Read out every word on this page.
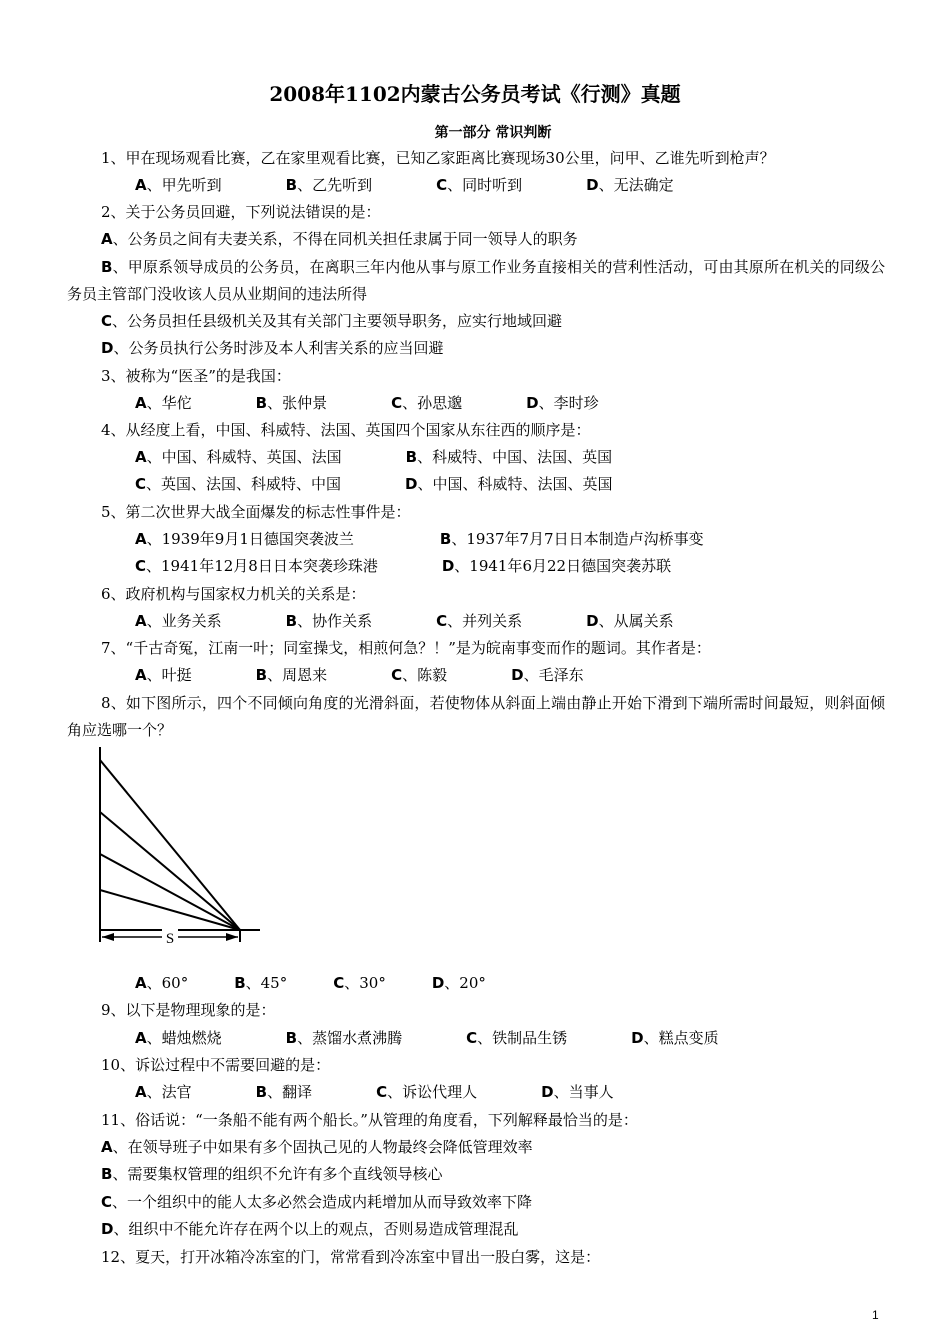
2008年1102内蒙古公务员考试《行测》真题
第一部分 常识判断
1、甲在现场观看比赛，乙在家里观看比赛，已知乙家距离比赛现场30公里，问甲、乙谁先听到枪声？
A、甲先听到	B、乙先听到	C、同时听到	D、无法确定
2、关于公务员回避，下列说法错误的是：
A、公务员之间有夫妻关系，不得在同机关担任隶属于同一领导人的职务
B、甲原系领导成员的公务员，在离职三年内他从事与原工作业务直接相关的营利性活动，可由其原所在机关的同级公务员主管部门没收该人员从业期间的违法所得
C、公务员担任县级机关及其有关部门主要领导职务，应实行地域回避
D、公务员执行公务时涉及本人利害关系的应当回避
3、被称为“医圣”的是我国：
A、华佗	B、张仲景	C、孙思邈	D、李时珍
4、从经度上看，中国、科威特、法国、英国四个国家从东往西的顺序是：
A、中国、科威特、英国、法国	B、科威特、中国、法国、英国
C、英国、法国、科威特、中国	D、中国、科威特、法国、英国
5、第二次世界大战全面爆发的标志性事件是：
A、1939年9月1日德国突袭波兰	B、1937年7月7日日本制造卢沟桥事变
C、1941年12月8日日本突袭珍珠港	D、1941年6月22日德国突袭苏联
6、政府机构与国家权力机关的关系是：
A、业务关系	B、协作关系	C、并列关系	D、从属关系
7、“千古奇冤，江南一叶；同室操戈，相煎何急？！”是为皖南事变而作的题词。其作者是：
A、叶挺	B、周恩来	C、陈毅	D、毛泽东
8、如下图所示，四个不同倾向角度的光滑斜面，若使物体从斜面上端由静止开始下滑到下端所需时间最短，则斜面倾角应选哪一个？
S
A、60°	B、45°	C、30°	D、20°
9、以下是物理现象的是：
A、蜡烛燃烧	B、蒸馏水煮沸腾	C、铁制品生锈	D、糕点变质
10、诉讼过程中不需要回避的是：
A、法官	B、翻译	C、诉讼代理人	D、当事人
11、俗话说：“一条船不能有两个船长。”从管理的角度看，下列解释最恰当的是：
A、在领导班子中如果有多个固执己见的人物最终会降低管理效率
B、需要集权管理的组织不允许有多个直线领导核心
C、一个组织中的能人太多必然会造成内耗增加从而导致效率下降
D、组织中不能允许存在两个以上的观点，否则易造成管理混乱
12、夏天，打开冰箱冷冻室的门，常常看到冷冻室中冒出一股白雾，这是：
1
